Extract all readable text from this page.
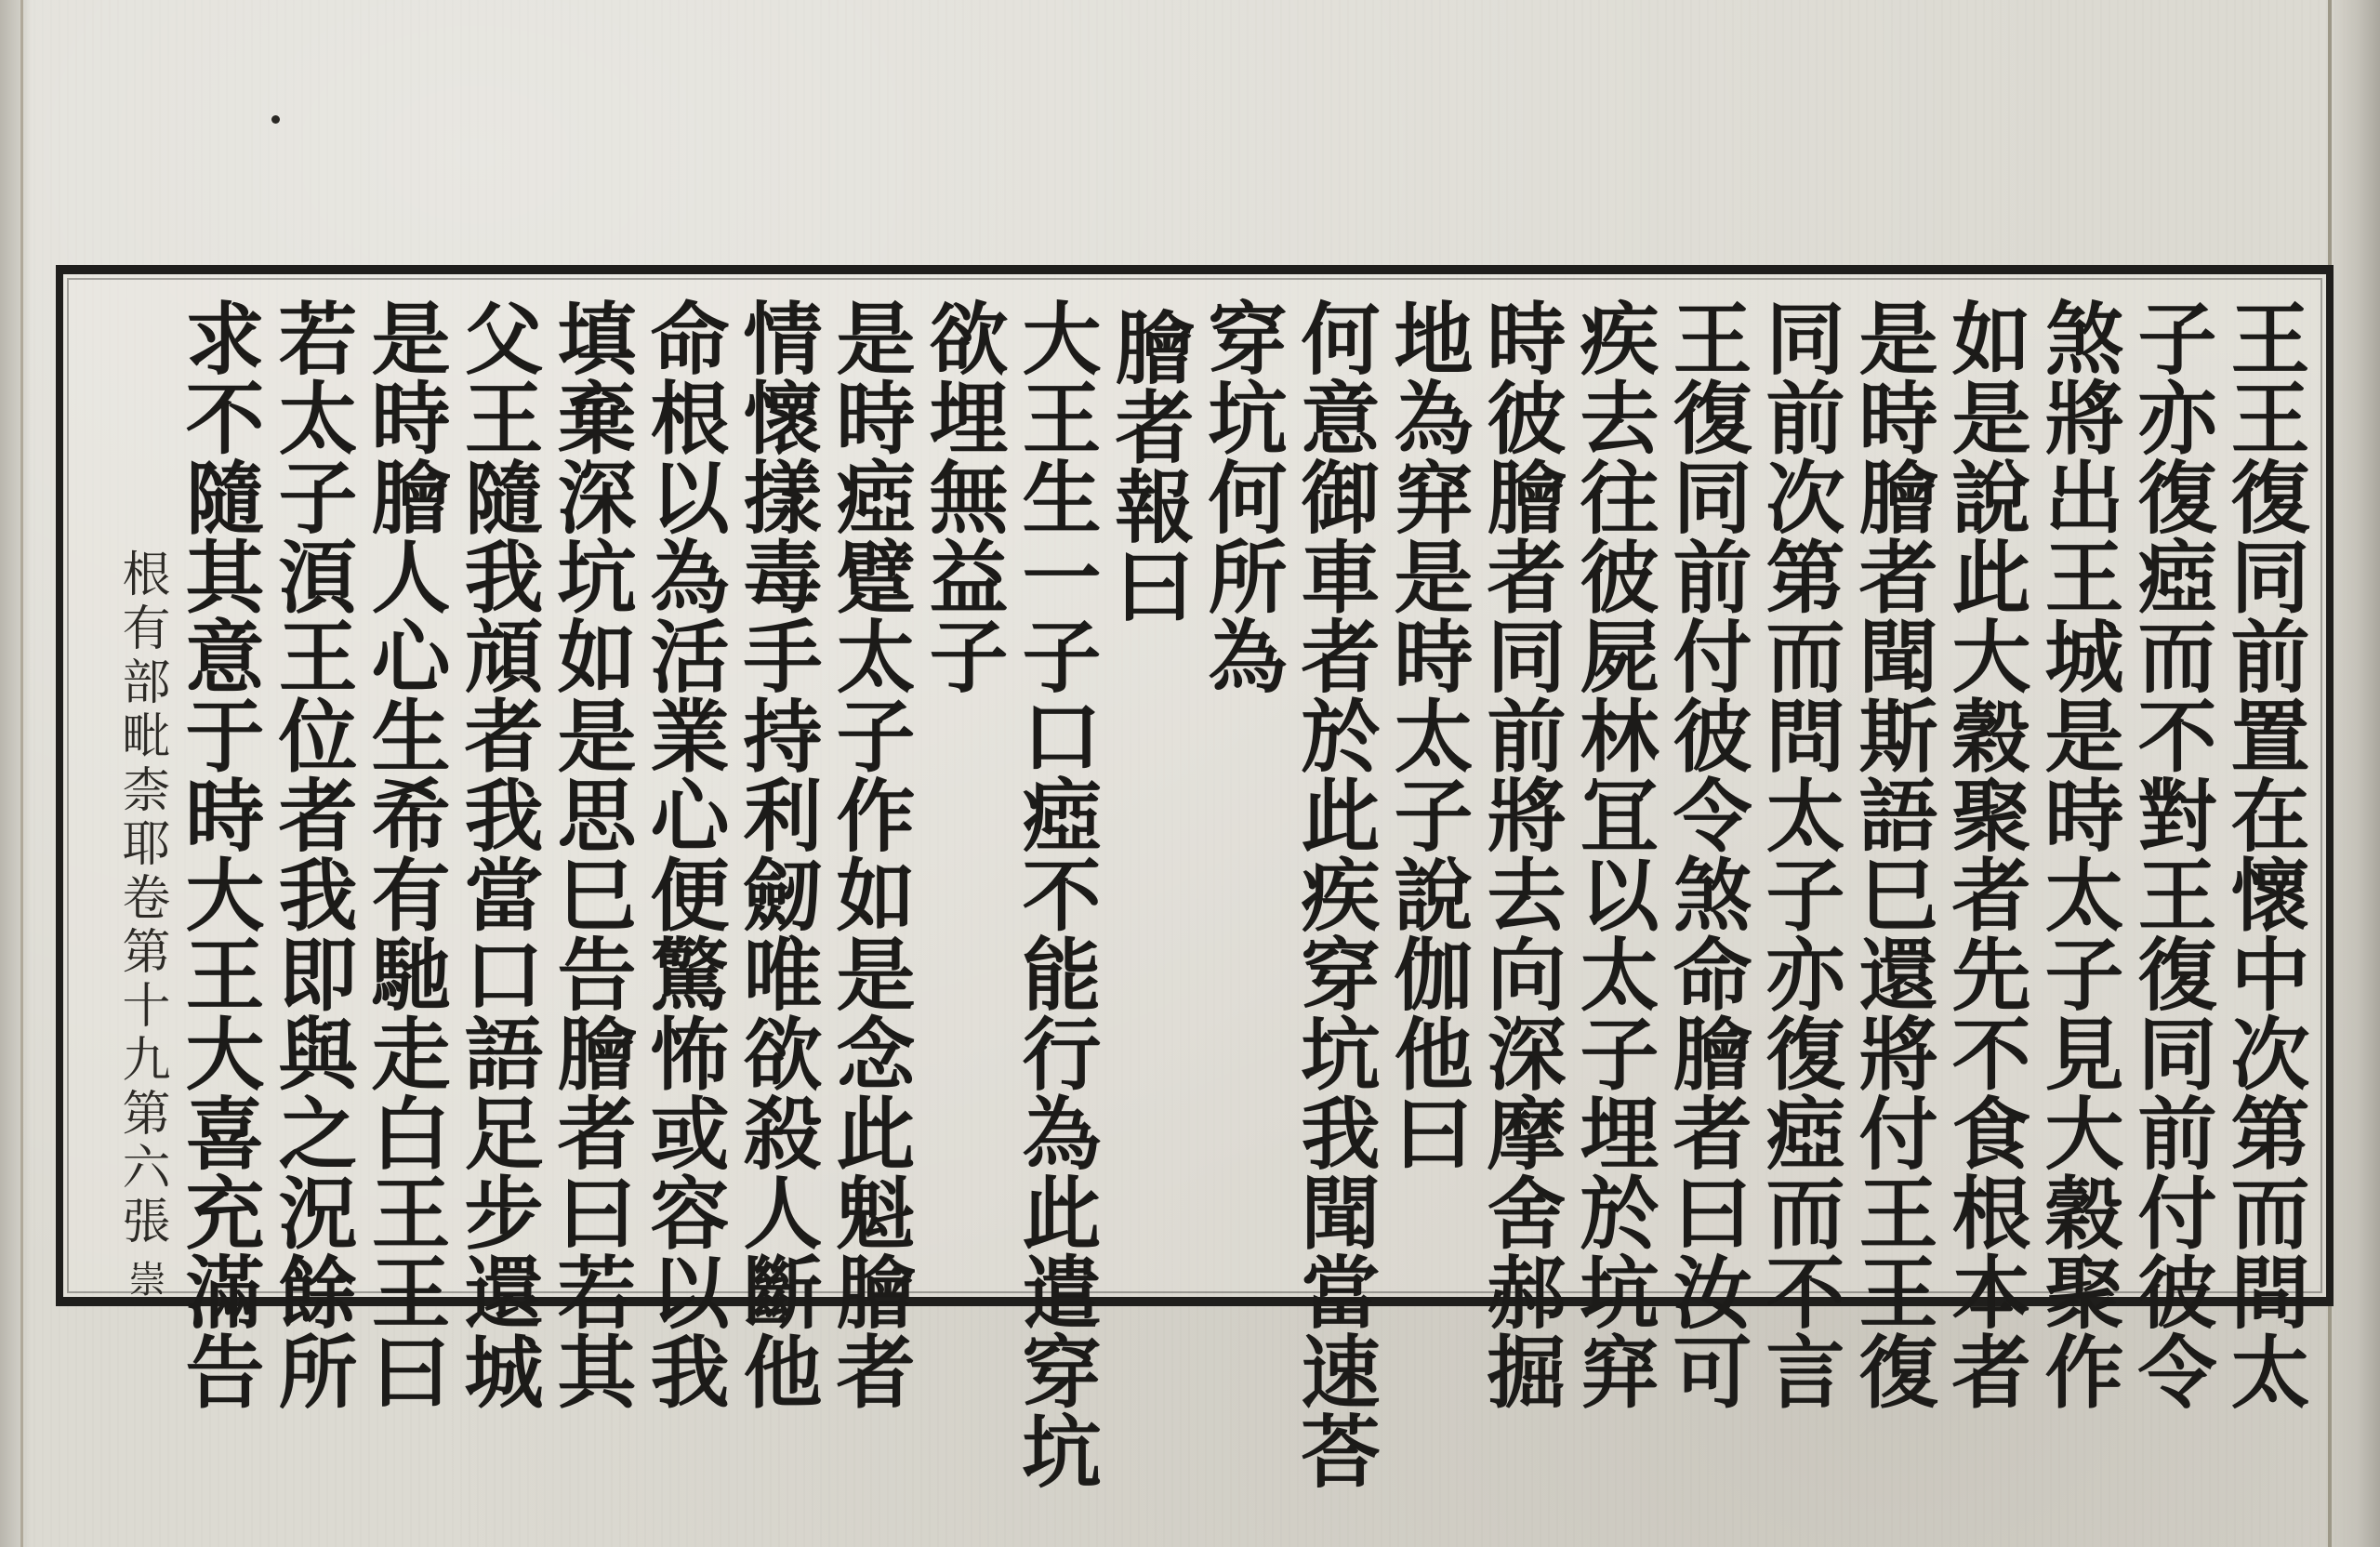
王王復同前置在懷中次第而問太
子亦復瘂而不對王復同前付彼令
煞將出王城是時太子見大穀聚作
如是說此大穀聚者先不食根本者
是時膾者聞斯語巳還將付王王復
同前次第而問太子亦復瘂而不言
王復同前付彼令煞命膾者曰汝可
疾去往彼屍林冝以太子埋於坑穽
時彼膾者同前將去向深摩舍郝掘
地為穽是時太子說伽他曰
何意御車者於此疾穿坑我聞當速荅
穿坑何所為
膾者報曰
大王生一子口瘂不能行為此遣穿坑
欲埋無益子
是時瘂躄太子作如是念此魁膾者
情懷㨾毒手持利劒唯欲殺人斷他
命根以為活業心便驚怖或容以我
填棄深坑如是思巳告膾者曰若其
父王隨我頏者我當口語足步還城
是時膾人心生希有馳走白王王曰
若太子湏王位者我即與之況餘所
求不隨其意于時大王大喜充滿告
根有部毗柰耶卷第十九
第六張
崇
